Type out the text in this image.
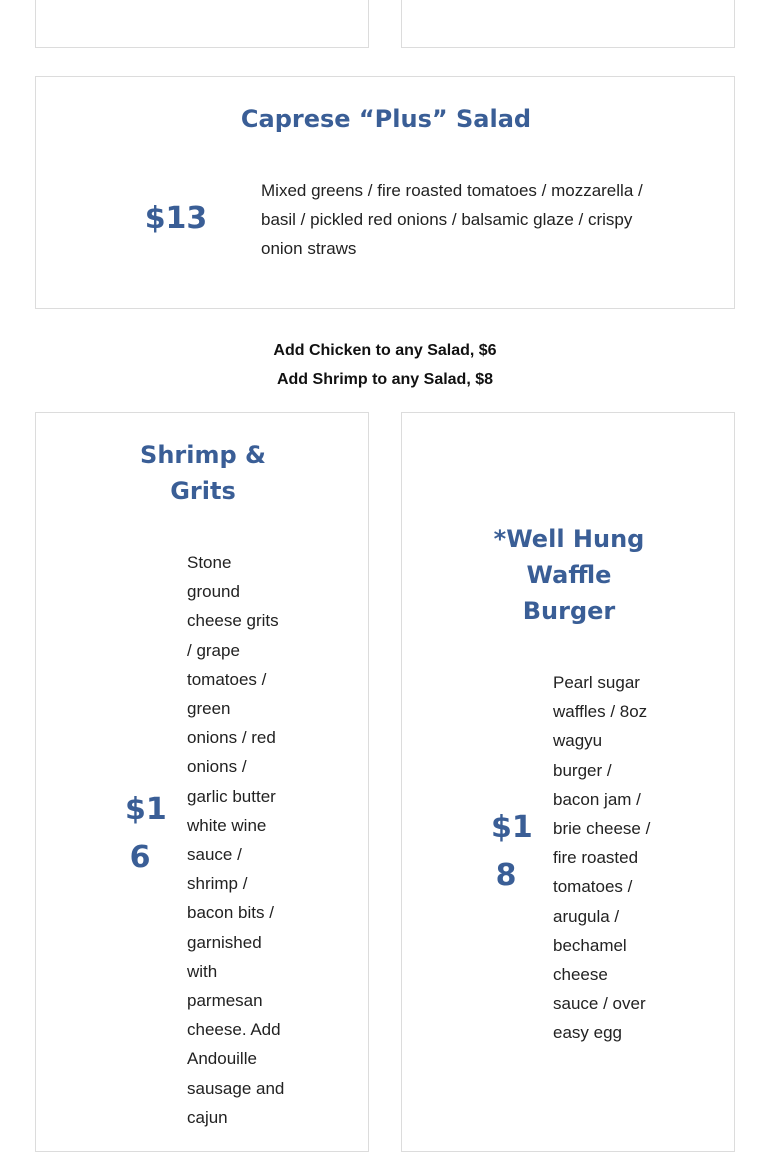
Caprese “Plus” Salad
$13
Mixed greens / fire roasted tomatoes / mozzarella / basil / pickled red onions / balsamic glaze / crispy onion straws
Add Chicken to any Salad, $6
Add Shrimp to any Salad, $8
Shrimp & Grits
$16
Stone ground cheese grits / grape tomatoes / green onions / red onions / garlic butter white wine sauce / shrimp / bacon bits / garnished with parmesan cheese. Add Andouille sausage and cajun
*Well Hung Waffle Burger
$18
Pearl sugar waffles / 8oz wagyu burger / bacon jam / brie cheese / fire roasted tomatoes / arugula / bechamel cheese sauce / over easy egg
